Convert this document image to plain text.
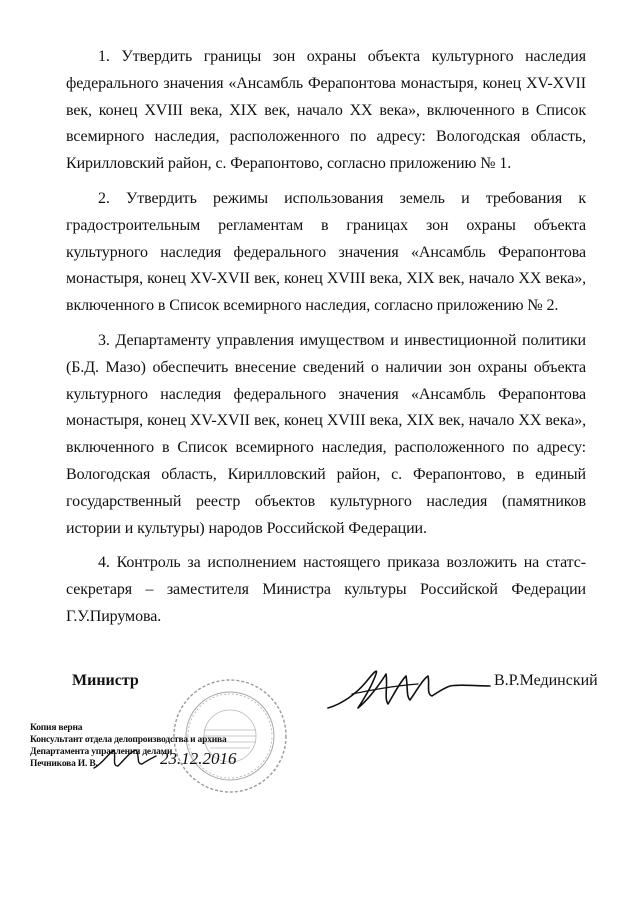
1. Утвердить границы зон охраны объекта культурного наследия федерального значения «Ансамбль Ферапонтова монастыря, конец XV-XVII век, конец XVIII века, XIX век, начало XX века», включенного в Список всемирного наследия, расположенного по адресу: Вологодская область, Кирилловский район, с. Ферапонтово, согласно приложению № 1.

2. Утвердить режимы использования земель и требования к градостроительным регламентам в границах зон охраны объекта культурного наследия федерального значения «Ансамбль Ферапонтова монастыря, конец XV-XVII век, конец XVIII века, XIX век, начало XX века», включенного в Список всемирного наследия, согласно приложению № 2.

3. Департаменту управления имуществом и инвестиционной политики (Б.Д. Мазо) обеспечить внесение сведений о наличии зон охраны объекта культурного наследия федерального значения «Ансамбль Ферапонтова монастыря, конец XV-XVII век, конец XVIII века, XIX век, начало XX века», включенного в Список всемирного наследия, расположенного по адресу: Вологодская область, Кирилловский район, с. Ферапонтово, в единый государственный реестр объектов культурного наследия (памятников истории и культуры) народов Российской Федерации.

4. Контроль за исполнением настоящего приказа возложить на статс-секретаря – заместителя Министра культуры Российской Федерации Г.У.Пирумова.

Министр	В.Р.Мединский
Копия верна
Консультант отдела делопроизводства и архива
Департамента управления делами
Печникова И. В.	23.12.2016
